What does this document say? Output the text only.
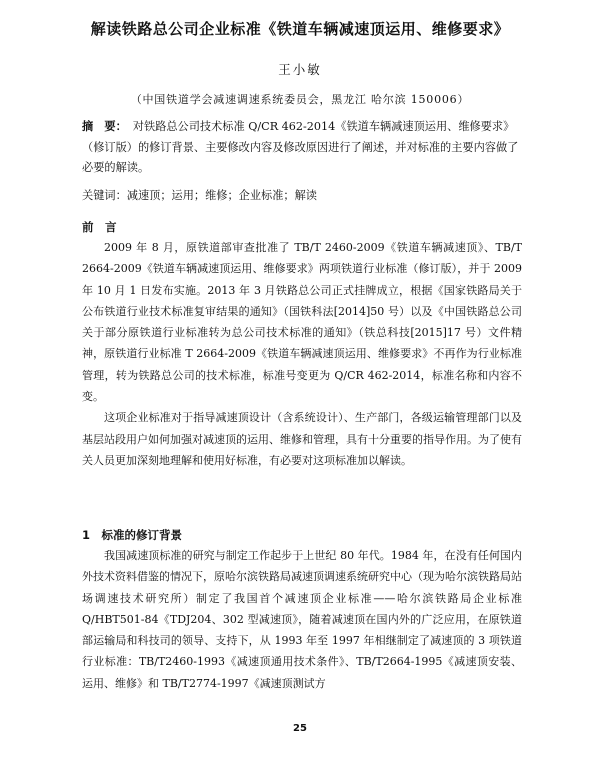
解读铁路总公司企业标准《铁道车辆减速顶运用、维修要求》
王小敏
（中国铁道学会减速调速系统委员会，黑龙江 哈尔滨 150006）
摘　要： 对铁路总公司技术标准 Q/CR 462-2014《铁道车辆减速顶运用、维修要求》（修订版）的修订背景、主要修改内容及修改原因进行了阐述，并对标准的主要内容做了必要的解读。
关键词：减速顶；运用；维修；企业标准；解读
前　言

2009 年 8 月，原铁道部审查批准了 TB/T 2460-2009《铁道车辆减速顶》、TB/T 2664-2009《铁道车辆减速顶运用、维修要求》两项铁道行业标准（修订版），并于 2009 年 10 月 1 日发布实施。2013 年 3 月铁路总公司正式挂牌成立，根据《国家铁路局关于公布铁道行业技术标准复审结果的通知》（国铁科法[2014]50 号）以及《中国铁路总公司关于部分原铁道行业标准转为总公司技术标准的通知》（铁总科技[2015]17 号）文件精神，原铁道行业标准 T 2664-2009《铁道车辆减速顶运用、维修要求》不再作为行业标准管理，转为铁路总公司的技术标准，标准号变更为 Q/CR 462-2014，标准名称和内容不变。

这项企业标准对于指导减速顶设计（含系统设计）、生产部门，各级运输管理部门以及基层站段用户如何加强对减速顶的运用、维修和管理，具有十分重要的指导作用。为了使有关人员更加深刻地理解和使用好标准，有必要对这项标准加以解读。

1　标准的修订背景

我国减速顶标准的研究与制定工作起步于上世纪 80 年代。1984 年，在没有任何国内外技术资料借鉴的情况下，原哈尔滨铁路局减速顶调速系统研究中心（现为哈尔滨铁路局站场调速技术研究所）制定了我国首个减速顶企业标准——哈尔滨铁路局企业标准 Q/HBT501-84《TDJ204、302 型减速顶》，随着减速顶在国内外的广泛应用，在原铁道部运输局和科技司的领导、支持下，从 1993 年至 1997 年相继制定了减速顶的 3 项铁道行业标准：TB/T2460-1993《减速顶通用技术条件》、TB/T2664-1995《减速顶安装、运用、维修》和 TB/T2774-1997《减速顶测试方

25
